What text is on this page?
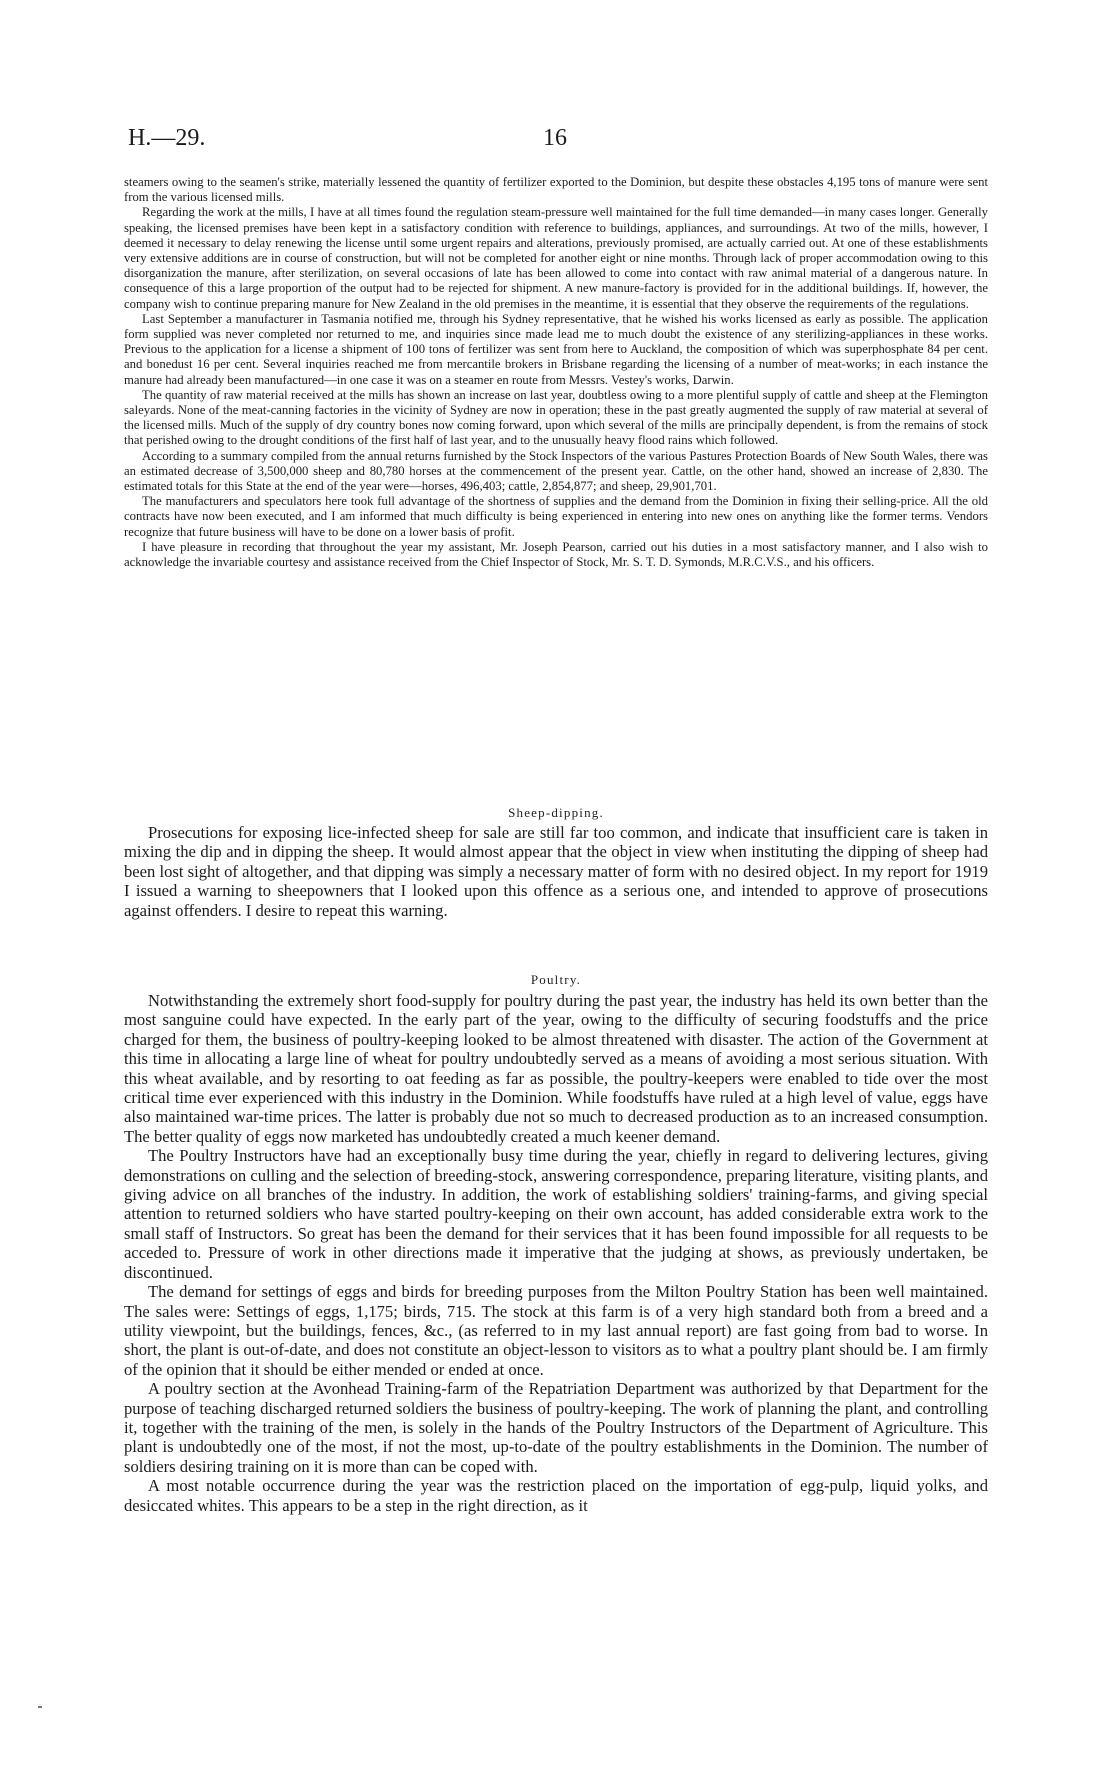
H.—29.	16

steamers owing to the seamen's strike, materially lessened the quantity of fertilizer exported to the Dominion, but despite these obstacles 4,195 tons of manure were sent from the various licensed mills.

Regarding the work at the mills, I have at all times found the regulation steam-pressure well maintained for the full time demanded—in many cases longer. Generally speaking, the licensed premises have been kept in a satisfactory condition with reference to buildings, appliances, and surroundings. At two of the mills, however, I deemed it necessary to delay renewing the license until some urgent repairs and alterations, previously promised, are actually carried out. At one of these establishments very extensive additions are in course of construction, but will not be completed for another eight or nine months. Through lack of proper accommodation owing to this disorganization the manure, after sterilization, on several occasions of late has been allowed to come into contact with raw animal material of a dangerous nature. In consequence of this a large proportion of the output had to be rejected for shipment. A new manure-factory is provided for in the additional buildings. If, however, the company wish to continue preparing manure for New Zealand in the old premises in the meantime, it is essential that they observe the requirements of the regulations.

Last September a manufacturer in Tasmania notified me, through his Sydney representative, that he wished his works licensed as early as possible. The application form supplied was never completed nor returned to me, and inquiries since made lead me to much doubt the existence of any sterilizing-appliances in these works. Previous to the application for a license a shipment of 100 tons of fertilizer was sent from here to Auckland, the composition of which was superphosphate 84 per cent. and bonedust 16 per cent. Several inquiries reached me from mercantile brokers in Brisbane regarding the licensing of a number of meat-works; in each instance the manure had already been manufactured—in one case it was on a steamer en route from Messrs. Vestey's works, Darwin.

The quantity of raw material received at the mills has shown an increase on last year, doubtless owing to a more plentiful supply of cattle and sheep at the Flemington saleyards. None of the meat-canning factories in the vicinity of Sydney are now in operation; these in the past greatly augmented the supply of raw material at several of the licensed mills. Much of the supply of dry country bones now coming forward, upon which several of the mills are principally dependent, is from the remains of stock that perished owing to the drought conditions of the first half of last year, and to the unusually heavy flood rains which followed.

According to a summary compiled from the annual returns furnished by the Stock Inspectors of the various Pastures Protection Boards of New South Wales, there was an estimated decrease of 3,500,000 sheep and 80,780 horses at the commencement of the present year. Cattle, on the other hand, showed an increase of 2,830. The estimated totals for this State at the end of the year were—horses, 496,403; cattle, 2,854,877; and sheep, 29,901,701.

The manufacturers and speculators here took full advantage of the shortness of supplies and the demand from the Dominion in fixing their selling-price. All the old contracts have now been executed, and I am informed that much difficulty is being experienced in entering into new ones on anything like the former terms. Vendors recognize that future business will have to be done on a lower basis of profit.

I have pleasure in recording that throughout the year my assistant, Mr. Joseph Pearson, carried out his duties in a most satisfactory manner, and I also wish to acknowledge the invariable courtesy and assistance received from the Chief Inspector of Stock, Mr. S. T. D. Symonds, M.R.C.V.S., and his officers.

Sheep-dipping.

Prosecutions for exposing lice-infected sheep for sale are still far too common, and indicate that insufficient care is taken in mixing the dip and in dipping the sheep. It would almost appear that the object in view when instituting the dipping of sheep had been lost sight of altogether, and that dipping was simply a necessary matter of form with no desired object. In my report for 1919 I issued a warning to sheepowners that I looked upon this offence as a serious one, and intended to approve of prosecutions against offenders. I desire to repeat this warning.

Poultry.

Notwithstanding the extremely short food-supply for poultry during the past year, the industry has held its own better than the most sanguine could have expected. In the early part of the year, owing to the difficulty of securing foodstuffs and the price charged for them, the business of poultry-keeping looked to be almost threatened with disaster. The action of the Government at this time in allocating a large line of wheat for poultry undoubtedly served as a means of avoiding a most serious situation. With this wheat available, and by resorting to oat feeding as far as possible, the poultry-keepers were enabled to tide over the most critical time ever experienced with this industry in the Dominion. While foodstuffs have ruled at a high level of value, eggs have also maintained war-time prices. The latter is probably due not so much to decreased production as to an increased consumption. The better quality of eggs now marketed has undoubtedly created a much keener demand.

The Poultry Instructors have had an exceptionally busy time during the year, chiefly in regard to delivering lectures, giving demonstrations on culling and the selection of breeding-stock, answering correspondence, preparing literature, visiting plants, and giving advice on all branches of the industry. In addition, the work of establishing soldiers' training-farms, and giving special attention to returned soldiers who have started poultry-keeping on their own account, has added considerable extra work to the small staff of Instructors. So great has been the demand for their services that it has been found impossible for all requests to be acceded to. Pressure of work in other directions made it imperative that the judging at shows, as previously undertaken, be discontinued.

The demand for settings of eggs and birds for breeding purposes from the Milton Poultry Station has been well maintained. The sales were: Settings of eggs, 1,175; birds, 715. The stock at this farm is of a very high standard both from a breed and a utility viewpoint, but the buildings, fences, &c., (as referred to in my last annual report) are fast going from bad to worse. In short, the plant is out-of-date, and does not constitute an object-lesson to visitors as to what a poultry plant should be. I am firmly of the opinion that it should be either mended or ended at once.

A poultry section at the Avonhead Training-farm of the Repatriation Department was authorized by that Department for the purpose of teaching discharged returned soldiers the business of poultry-keeping. The work of planning the plant, and controlling it, together with the training of the men, is solely in the hands of the Poultry Instructors of the Department of Agriculture. This plant is undoubtedly one of the most, if not the most, up-to-date of the poultry establishments in the Dominion. The number of soldiers desiring training on it is more than can be coped with.

A most notable occurrence during the year was the restriction placed on the importation of egg-pulp, liquid yolks, and desiccated whites. This appears to be a step in the right direction, as it
